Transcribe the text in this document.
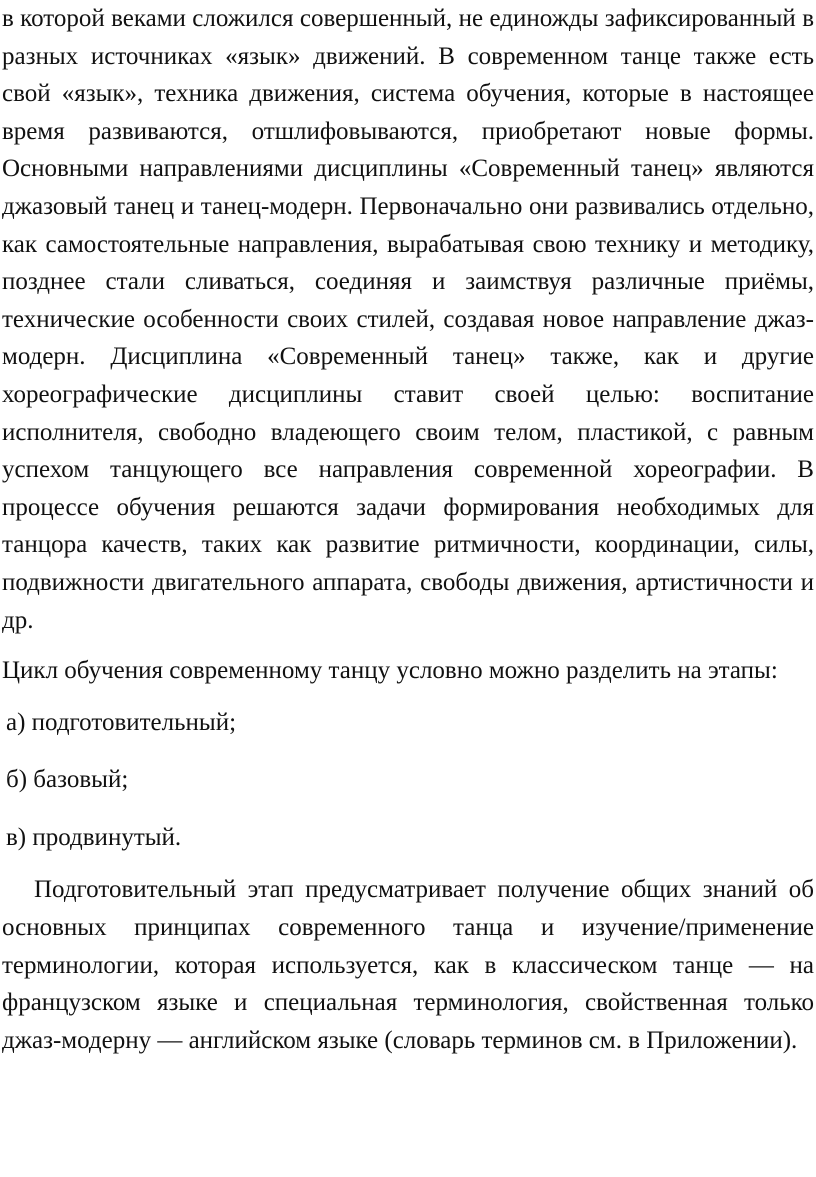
в которой веками сложился совершенный, не единожды зафиксированный в разных источниках «язык» движений. В современном танце также есть свой «язык», техника движения, система обучения, которые в настоящее время развиваются, отшлифовываются, приобретают новые формы. Основными направлениями дисциплины «Современный танец» являются джазовый танец и танец-модерн. Первоначально они развивались отдельно, как самостоятельные направления, вырабатывая свою технику и методику, позднее стали сливаться, соединяя и заимствуя различные приёмы, технические особенности своих стилей, создавая новое направление джаз- модерн. Дисциплина «Современный танец» также, как и другие хореографические дисциплины ставит своей целью: воспитание исполнителя, свободно владеющего своим телом, пластикой, с равным успехом танцующего все направления современной хореографии. В процессе обучения решаются задачи формирования необходимых для танцора качеств, таких как развитие ритмичности, координации, силы, подвижности двигательного аппарата, свободы движения, артистичности и др.

Цикл обучения современному танцу условно можно разделить на этапы:

а) подготовительный;

б) базовый;

в) продвинутый.

Подготовительный этап предусматривает получение общих знаний об основных принципах современного танца и изучение/применение терминологии, которая используется, как в классическом танце — на французском языке и специальная терминология, свойственная только джаз-модерну — английском языке (словарь терминов см. в Приложении).
